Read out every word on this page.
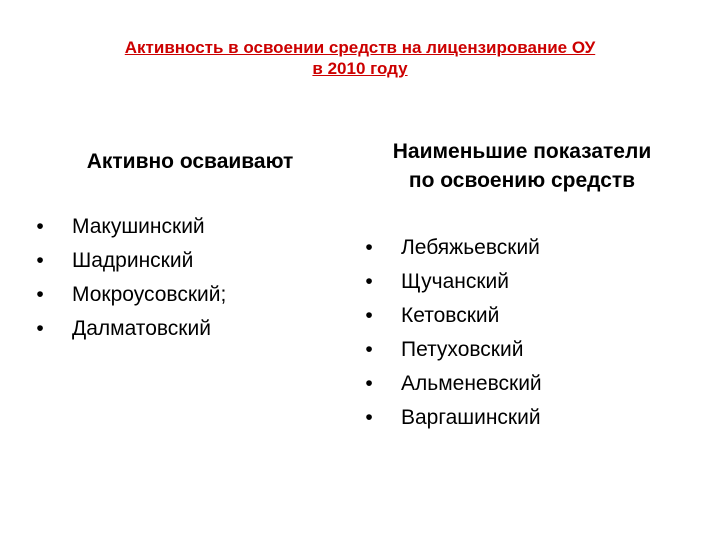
Активность в освоении средств на лицензирование ОУ
в 2010 году
Активно осваивают	Наименьшие показатели
по освоению средств
•	Макушинский
•	Шадринский
•	Мокроусовский;
•	Далматовский
•	Лебяжьевский
•	Щучанский
•	Кетовский
•	Петуховский
•	Альменевский
•	Варгашинский
